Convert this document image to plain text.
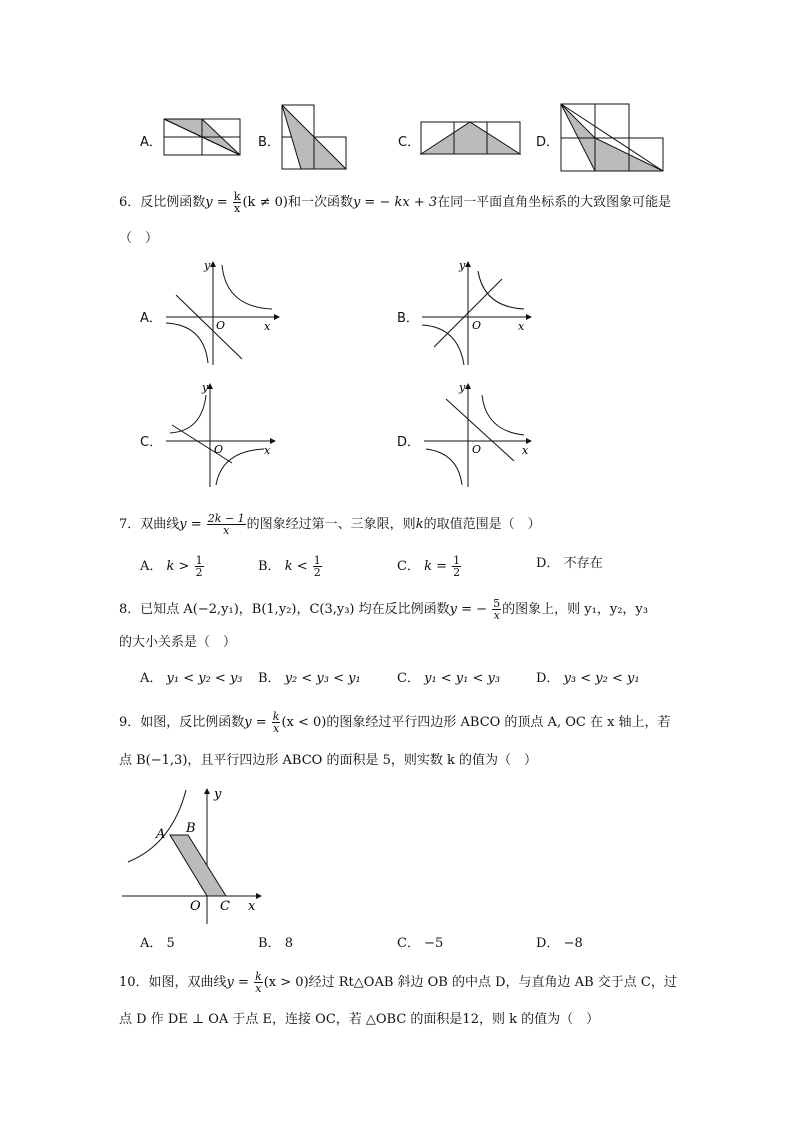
A．	B．	C．	D．
6．反比例函数$y = \frac{k}{x} (k \ne 0)$和一次函数y = − kx + 3在同一平面直角坐标系的大致图象可能是
（　）
A．
y
x
O	B．
y
x
O
C．
y
x
O	D．
y
x
O
7．双曲线$y = \frac{2k - 1}{x}$ 的图象经过第一、三象限，则k的取值范围是（　）
A． $k > \frac{1}{2}$	B． $k < \frac{1}{2}$	C． $k = \frac{1}{2}$	D． 不存在
8．已知点 A(−2,y₁)，B(1,y₂)，C(3,y₃) 均在反比例函数y = − $\frac{5}{x}$ 的图象上，则 y₁，y₂，y₃
的大小关系是（　）
A． y₁ < y₂ < y₃ B． y₂ < y₃ < y₁	C． y₁ < y₁ < y₃	D． y₃ < y₂ < y₁
9．如图，反比例函数$y = \frac{k}{x} (x < 0)$的图象经过平行四边形 ABCO 的顶点 A, OC 在 x 轴上，若
点 B(−1,3)，且平行四边形 ABCO 的面积是 5，则实数 k 的值为（　）
y
A B
O C x
A． 5	B． 8	C． −5	D． −8
10．如图，双曲线$y = \frac{k}{x} (x > 0)$经过 Rt△OAB 斜边 OB 的中点 D，与直角边 AB 交于点 C，过
点 D 作 DE ⊥ OA 于点 E，连接 OC，若 △OBC 的面积是12，则 k 的值为（　）
